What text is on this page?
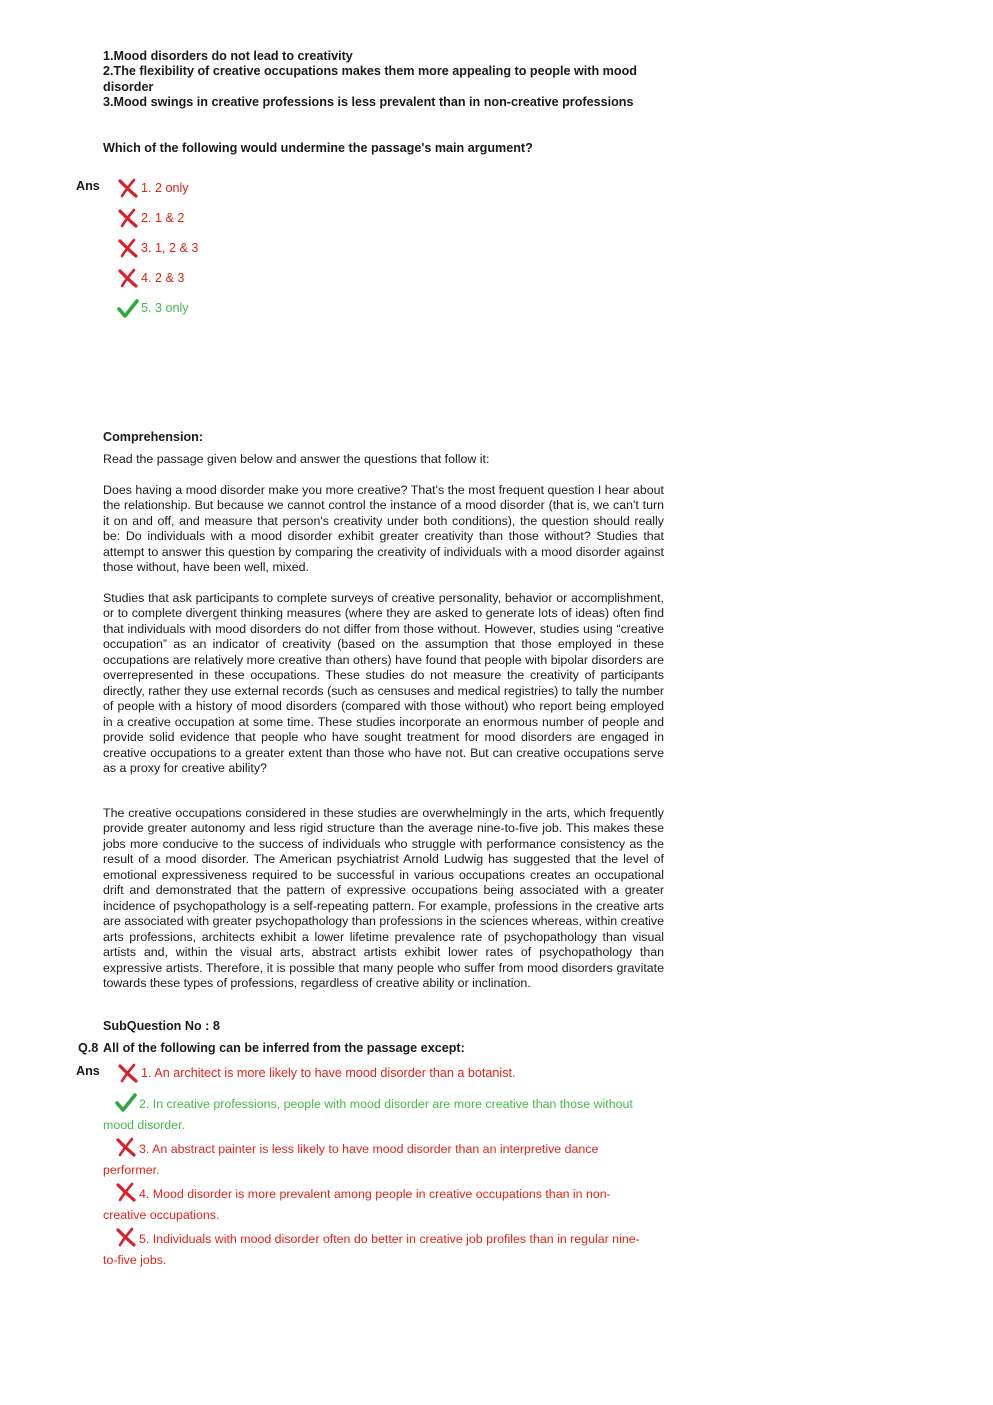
1.Mood disorders do not lead to creativity
2.The flexibility of creative occupations makes them more appealing to people with mood disorder
3.Mood swings in creative professions is less prevalent than in non-creative professions
Which of the following would undermine the passage's main argument?
Ans	1. 2 only
2. 1 & 2
3. 1, 2 & 3
4. 2 & 3
5. 3 only
Comprehension:
Read the passage given below and answer the questions that follow it:
Does having a mood disorder make you more creative? That's the most frequent question I hear about the relationship. But because we cannot control the instance of a mood disorder (that is, we can't turn it on and off, and measure that person's creativity under both conditions), the question should really be: Do individuals with a mood disorder exhibit greater creativity than those without? Studies that attempt to answer this question by comparing the creativity of individuals with a mood disorder against those without, have been well, mixed.
Studies that ask participants to complete surveys of creative personality, behavior or accomplishment, or to complete divergent thinking measures (where they are asked to generate lots of ideas) often find that individuals with mood disorders do not differ from those without. However, studies using “creative occupation” as an indicator of creativity (based on the assumption that those employed in these occupations are relatively more creative than others) have found that people with bipolar disorders are overrepresented in these occupations. These studies do not measure the creativity of participants directly, rather they use external records (such as censuses and medical registries) to tally the number of people with a history of mood disorders (compared with those without) who report being employed in a creative occupation at some time. These studies incorporate an enormous number of people and provide solid evidence that people who have sought treatment for mood disorders are engaged in creative occupations to a greater extent than those who have not. But can creative occupations serve as a proxy for creative ability?
The creative occupations considered in these studies are overwhelmingly in the arts, which frequently provide greater autonomy and less rigid structure than the average nine-to-five job. This makes these jobs more conducive to the success of individuals who struggle with performance consistency as the result of a mood disorder. The American psychiatrist Arnold Ludwig has suggested that the level of emotional expressiveness required to be successful in various occupations creates an occupational drift and demonstrated that the pattern of expressive occupations being associated with a greater incidence of psychopathology is a self-repeating pattern. For example, professions in the creative arts are associated with greater psychopathology than professions in the sciences whereas, within creative arts professions, architects exhibit a lower lifetime prevalence rate of psychopathology than visual artists and, within the visual arts, abstract artists exhibit lower rates of psychopathology than expressive artists. Therefore, it is possible that many people who suffer from mood disorders gravitate towards these types of professions, regardless of creative ability or inclination.
SubQuestion No : 8
Q.8 All of the following can be inferred from the passage except:
Ans	1. An architect is more likely to have mood disorder than a botanist.
2. In creative professions, people with mood disorder are more creative than those without mood disorder.
3. An abstract painter is less likely to have mood disorder than an interpretive dance performer.
4. Mood disorder is more prevalent among people in creative occupations than in non-creative occupations.
5. Individuals with mood disorder often do better in creative job profiles than in regular nine-to-five jobs.
